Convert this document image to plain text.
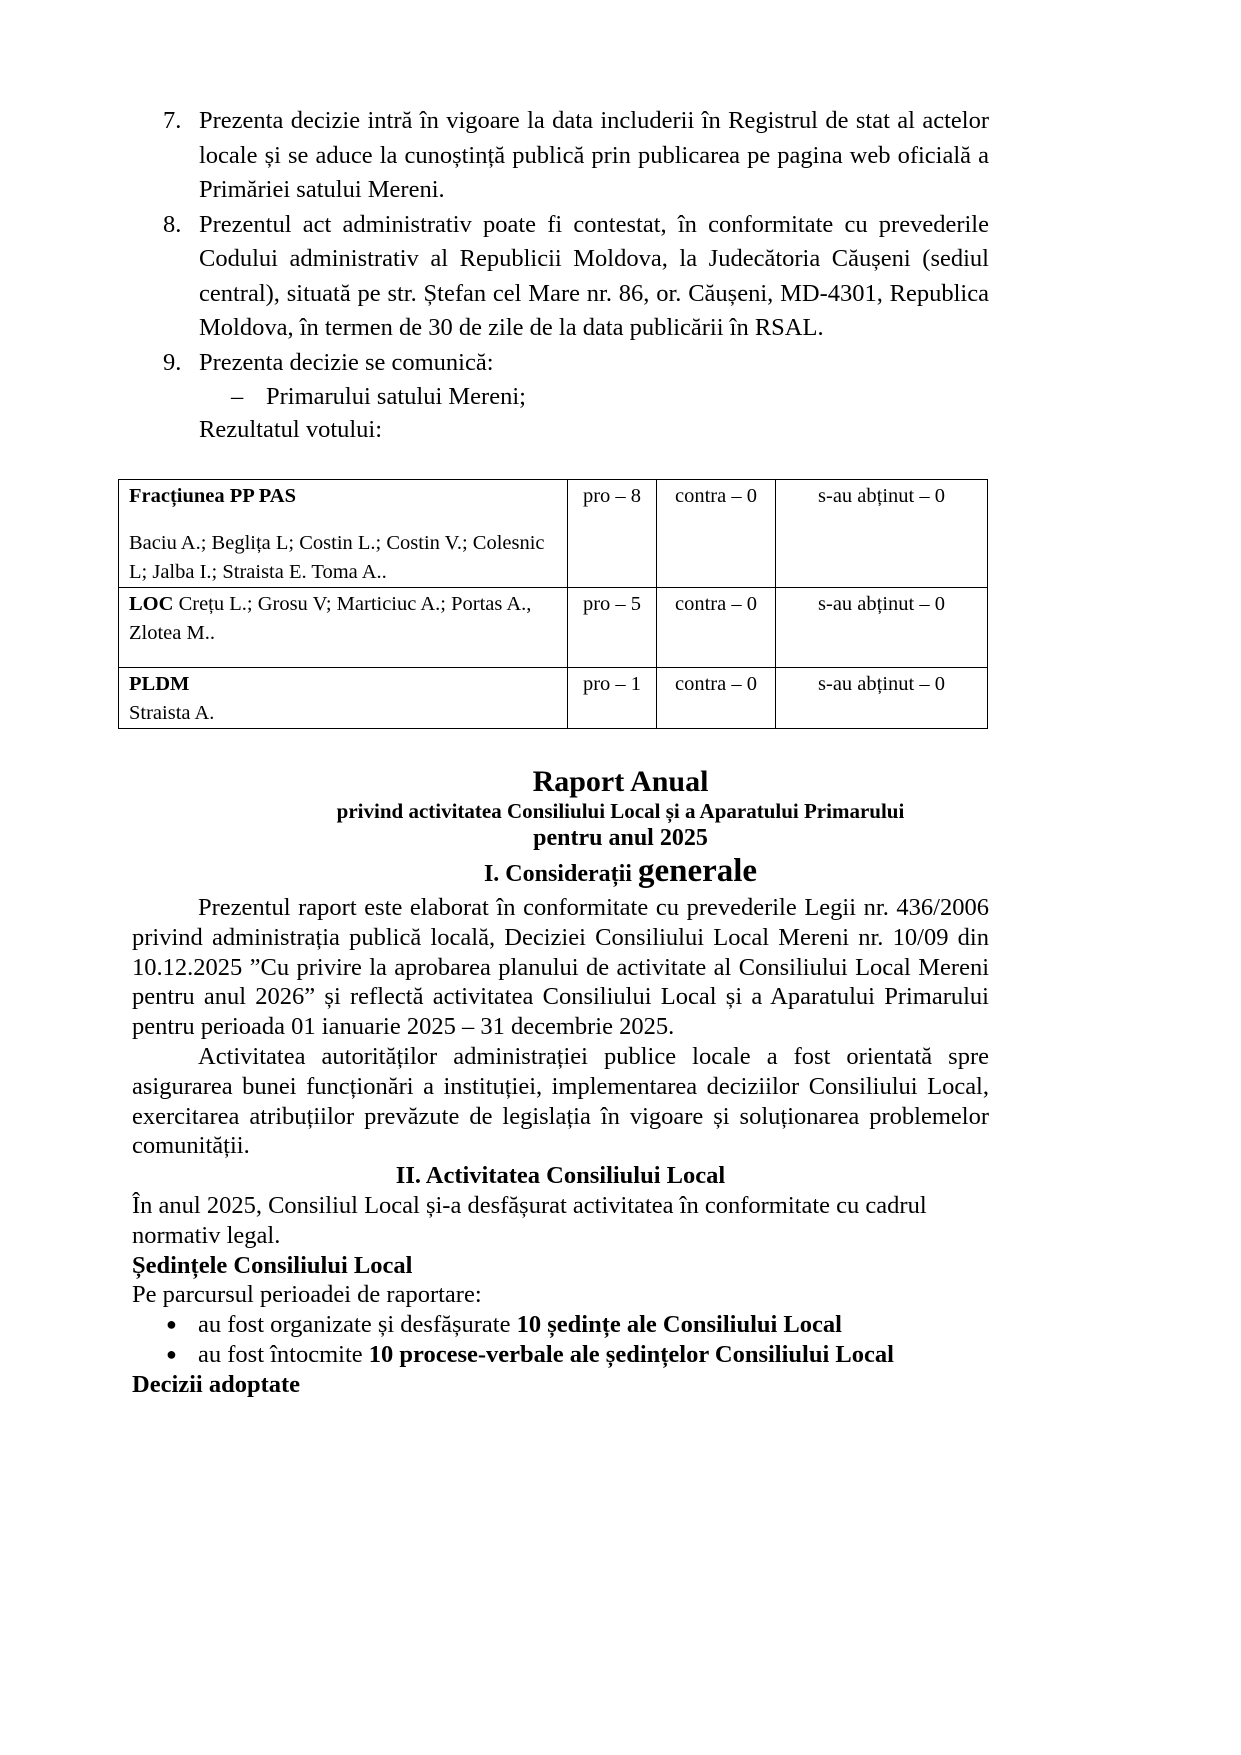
7. Prezenta decizie intră în vigoare la data includerii în Registrul de stat al actelor locale și se aduce la cunoștință publică prin publicarea pe pagina web oficială a Primăriei satului Mereni.
8. Prezentul act administrativ poate fi contestat, în conformitate cu prevederile Codului administrativ al Republicii Moldova, la Judecătoria Căușeni (sediul central), situată pe str. Ștefan cel Mare nr. 86, or. Căușeni, MD-4301, Republica Moldova, în termen de 30 de zile de la data publicării în RSAL.
9. Prezenta decizie se comunică:
– Primarului satului Mereni;
Rezultatul votului:
Fracțiunea PP PAS
Baciu A.; Beglița L; Costin L.; Costin V.; Colesnic L; Jalba I.; Straista E. Toma A..	pro – 8	contra – 0	s-au abținut – 0
LOC Crețu L.; Grosu V; Marticiuc A.; Portas A., Zlotea M..	pro – 5	contra – 0	s-au abținut – 0

PLDM
Straista A.	pro – 1	contra – 0	s-au abținut – 0
Raport Anual
privind activitatea Consiliului Local și a Aparatului Primarului
pentru anul 2025
I. Considerații generale

Prezentul raport este elaborat în conformitate cu prevederile Legii nr. 436/2006 privind administrația publică locală, Deciziei Consiliului Local Mereni nr. 10/09 din 10.12.2025 ”Cu privire la aprobarea planului de activitate al Consiliului Local Mereni pentru anul 2026” și reflectă activitatea Consiliului Local și a Aparatului Primarului pentru perioada 01 ianuarie 2025 – 31 decembrie 2025.

Activitatea autorităților administrației publice locale a fost orientată spre asigurarea bunei funcționări a instituției, implementarea deciziilor Consiliului Local, exercitarea atribuțiilor prevăzute de legislația în vigoare și soluționarea problemelor comunității.

II. Activitatea Consiliului Local

În anul 2025, Consiliul Local și-a desfășurat activitatea în conformitate cu cadrul normativ legal.

Ședințele Consiliului Local

Pe parcursul perioadei de raportare:

● au fost organizate și desfășurate 10 ședințe ale Consiliului Local
● au fost întocmite 10 procese-verbale ale ședințelor Consiliului Local

Decizii adoptate
